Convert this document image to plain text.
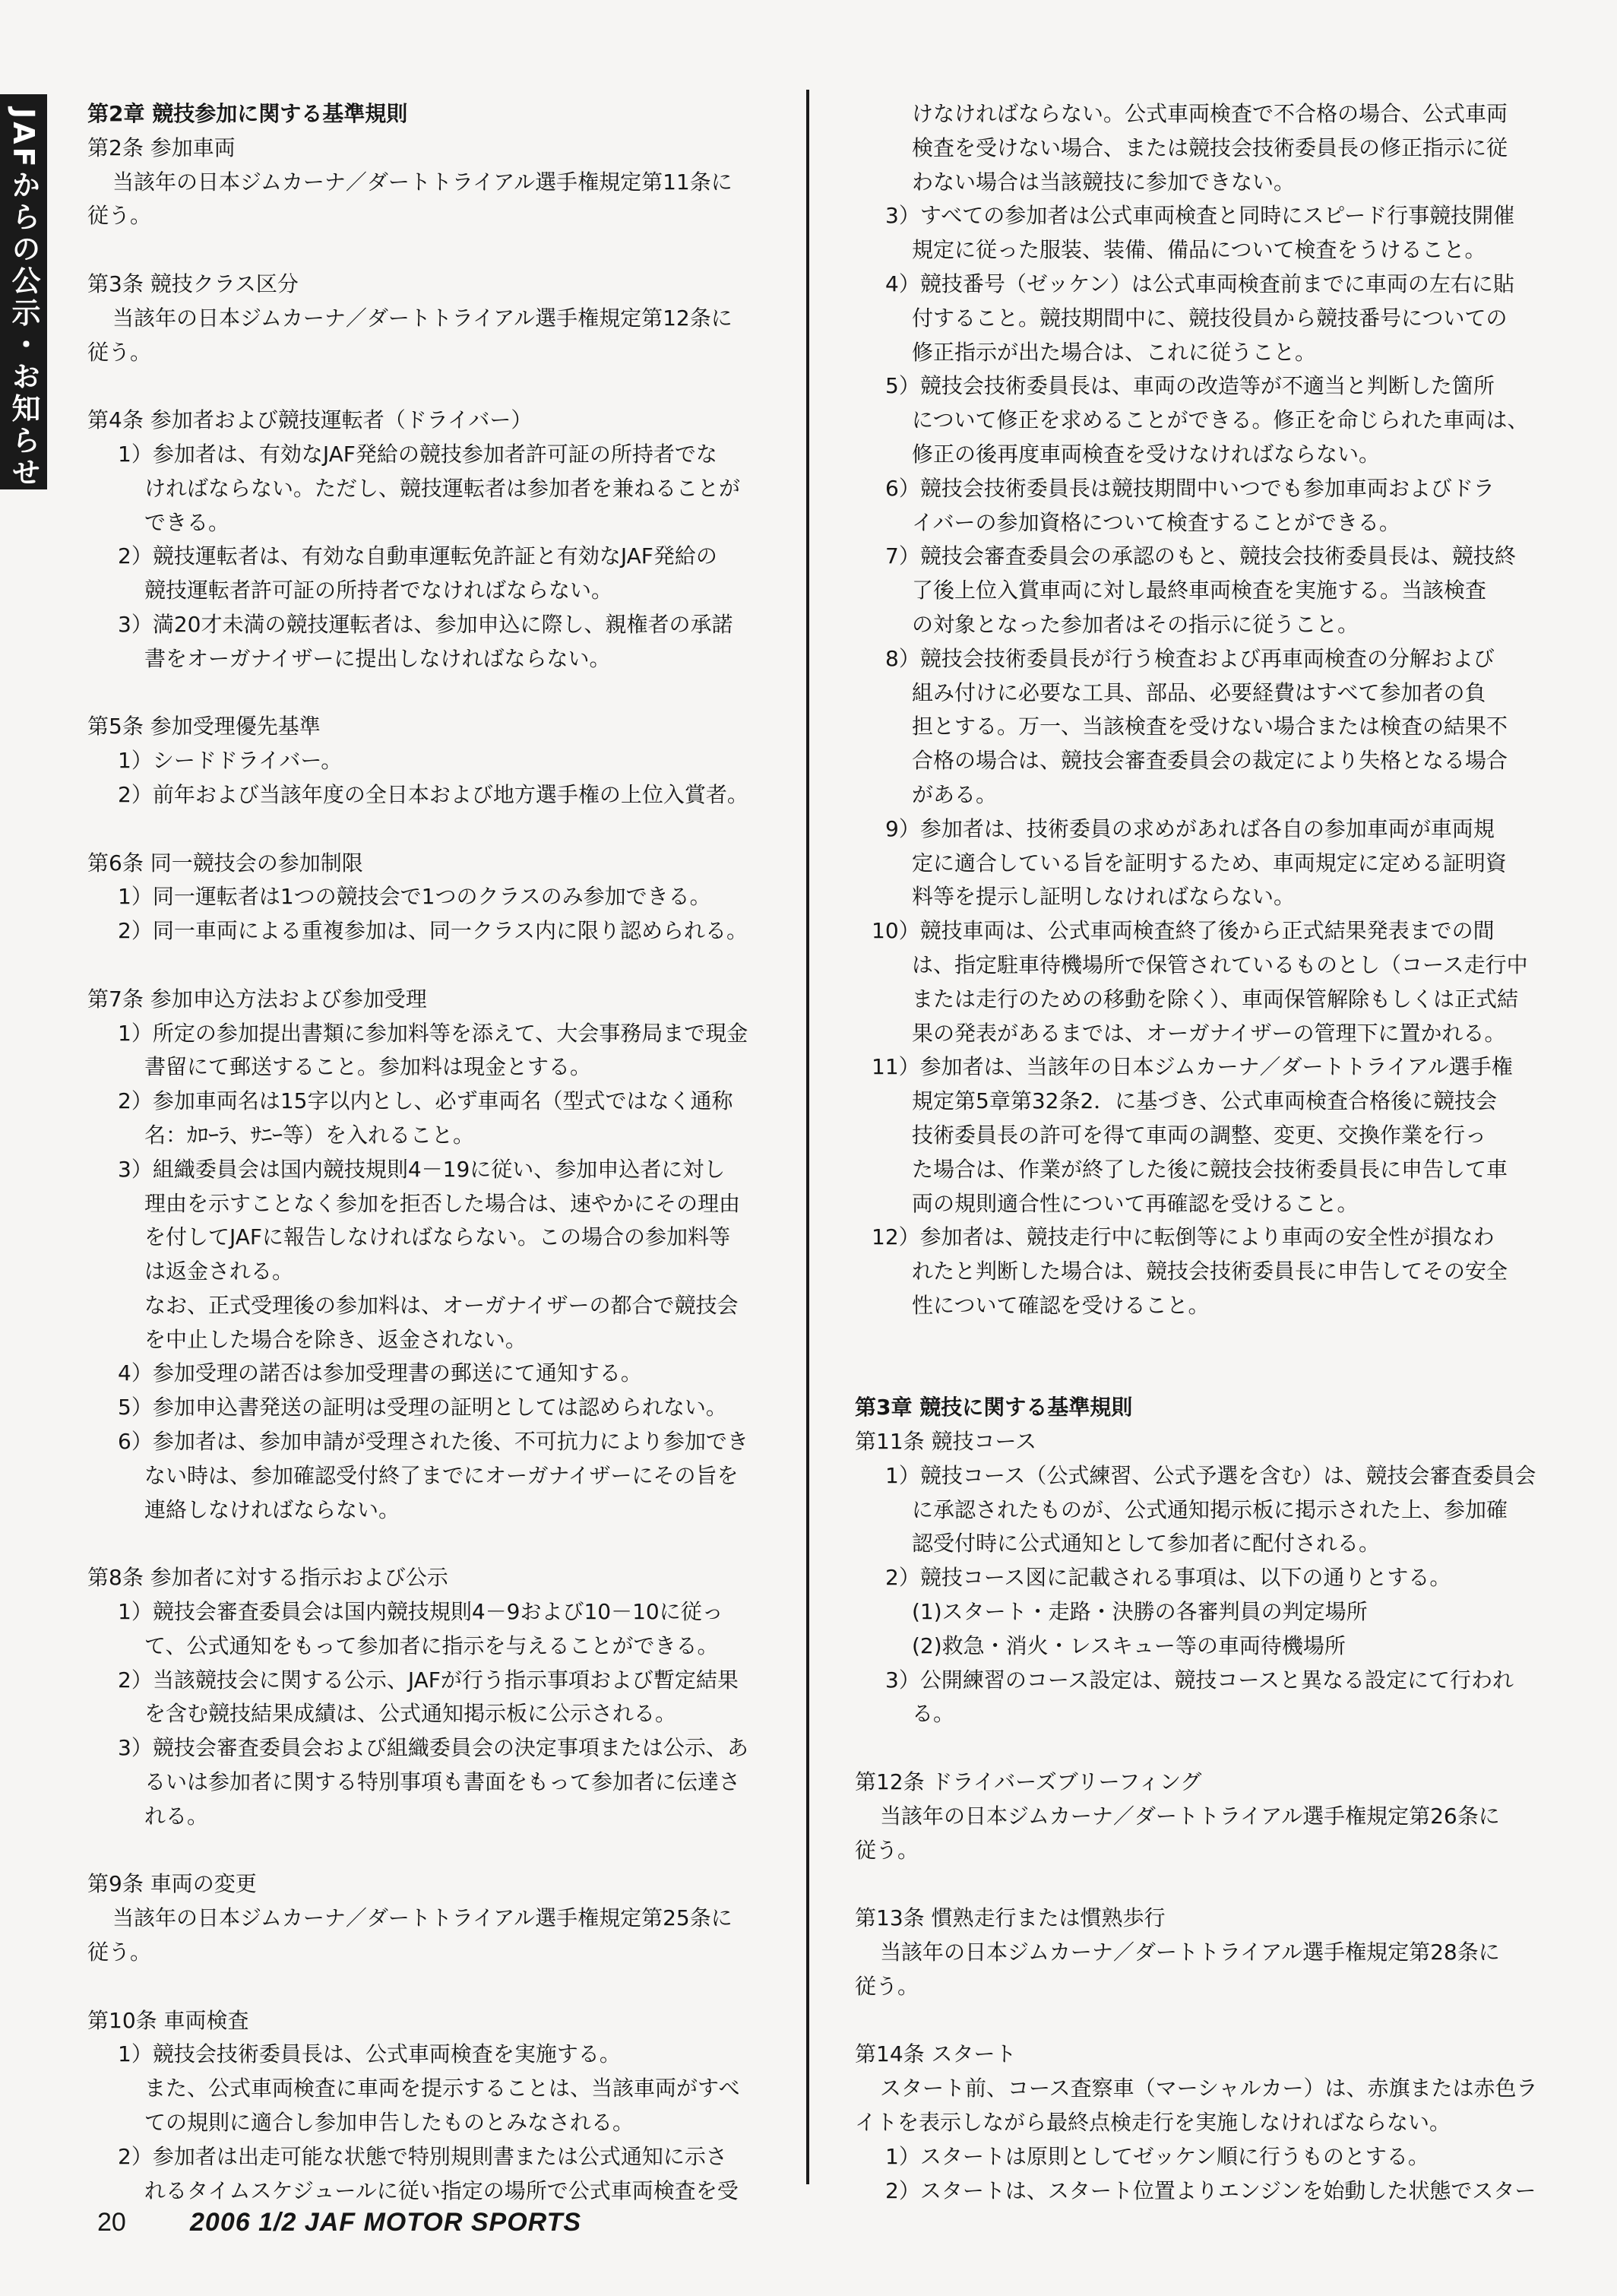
JAFからの公示・お知らせ	第2章 競技参加に関する基準規則
第2条 参加車両
当該年の日本ジムカーナ／ダートトライアル選手権規定第11条に
従う。
第3条 競技クラス区分
当該年の日本ジムカーナ／ダートトライアル選手権規定第12条に
従う。
第4条 参加者および競技運転者（ドライバー）
1）参加者は、有効なJAF発給の競技参加者許可証の所持者でな
ければならない。ただし、競技運転者は参加者を兼ねることが
できる。
2）競技運転者は、有効な自動車運転免許証と有効なJAF発給の
競技運転者許可証の所持者でなければならない。
3）満20才未満の競技運転者は、参加申込に際し、親権者の承諾
書をオーガナイザーに提出しなければならない。
第5条 参加受理優先基準
1）シードドライバー。
2）前年および当該年度の全日本および地方選手権の上位入賞者。
第6条 同一競技会の参加制限
1）同一運転者は1つの競技会で1つのクラスのみ参加できる。
2）同一車両による重複参加は、同一クラス内に限り認められる。
第7条 参加申込方法および参加受理
1）所定の参加提出書類に参加料等を添えて、大会事務局まで現金
書留にて郵送すること。参加料は現金とする。
2）参加車両名は15字以内とし、必ず車両名（型式ではなく通称
名：ｶﾛｰﾗ、ｻﾆｰ等）を入れること。
3）組織委員会は国内競技規則4－19に従い、参加申込者に対し
理由を示すことなく参加を拒否した場合は、速やかにその理由
を付してJAFに報告しなければならない。この場合の参加料等
は返金される。
なお、正式受理後の参加料は、オーガナイザーの都合で競技会
を中止した場合を除き、返金されない。
4）参加受理の諾否は参加受理書の郵送にて通知する。
5）参加申込書発送の証明は受理の証明としては認められない。
6）参加者は、参加申請が受理された後、不可抗力により参加でき
ない時は、参加確認受付終了までにオーガナイザーにその旨を
連絡しなければならない。
第8条 参加者に対する指示および公示
1）競技会審査委員会は国内競技規則4－9および10－10に従っ
て、公式通知をもって参加者に指示を与えることができる。
2）当該競技会に関する公示、JAFが行う指示事項および暫定結果
を含む競技結果成績は、公式通知掲示板に公示される。
3）競技会審査委員会および組織委員会の決定事項または公示、あ
るいは参加者に関する特別事項も書面をもって参加者に伝達さ
れる。
第9条 車両の変更
当該年の日本ジムカーナ／ダートトライアル選手権規定第25条に
従う。
第10条 車両検査
1）競技会技術委員長は、公式車両検査を実施する。
また、公式車両検査に車両を提示することは、当該車両がすべ
ての規則に適合し参加申告したものとみなされる。
2）参加者は出走可能な状態で特別規則書または公式通知に示さ
れるタイムスケジュールに従い指定の場所で公式車両検査を受
けなければならない。公式車両検査で不合格の場合、公式車両
検査を受けない場合、または競技会技術委員長の修正指示に従
わない場合は当該競技に参加できない。
3）すべての参加者は公式車両検査と同時にスピード行事競技開催
規定に従った服装、装備、備品について検査をうけること。
4）競技番号（ゼッケン）は公式車両検査前までに車両の左右に貼
付すること。競技期間中に、競技役員から競技番号についての
修正指示が出た場合は、これに従うこと。
5）競技会技術委員長は、車両の改造等が不適当と判断した箇所
について修正を求めることができる。修正を命じられた車両は、
修正の後再度車両検査を受けなければならない。
6）競技会技術委員長は競技期間中いつでも参加車両およびドラ
イバーの参加資格について検査することができる。
7）競技会審査委員会の承認のもと、競技会技術委員長は、競技終
了後上位入賞車両に対し最終車両検査を実施する。当該検査
の対象となった参加者はその指示に従うこと。
8）競技会技術委員長が行う検査および再車両検査の分解および
組み付けに必要な工具、部品、必要経費はすべて参加者の負
担とする。万一、当該検査を受けない場合または検査の結果不
合格の場合は、競技会審査委員会の裁定により失格となる場合
がある。
9）参加者は、技術委員の求めがあれば各自の参加車両が車両規
定に適合している旨を証明するため、車両規定に定める証明資
料等を提示し証明しなければならない。
10）競技車両は、公式車両検査終了後から正式結果発表までの間
は、指定駐車待機場所で保管されているものとし（コース走行中
または走行のための移動を除く）、車両保管解除もしくは正式結
果の発表があるまでは、オーガナイザーの管理下に置かれる。
11）参加者は、当該年の日本ジムカーナ／ダートトライアル選手権
規定第5章第32条2．に基づき、公式車両検査合格後に競技会
技術委員長の許可を得て車両の調整、変更、交換作業を行っ
た場合は、作業が終了した後に競技会技術委員長に申告して車
両の規則適合性について再確認を受けること。
12）参加者は、競技走行中に転倒等により車両の安全性が損なわ
れたと判断した場合は、競技会技術委員長に申告してその安全
性について確認を受けること。
第3章 競技に関する基準規則
第11条 競技コース
1）競技コース（公式練習、公式予選を含む）は、競技会審査委員会
に承認されたものが、公式通知掲示板に掲示された上、参加確
認受付時に公式通知として参加者に配付される。
2）競技コース図に記載される事項は、以下の通りとする。
(1)スタート・走路・決勝の各審判員の判定場所
(2)救急・消火・レスキュー等の車両待機場所
3）公開練習のコース設定は、競技コースと異なる設定にて行われ
る。
第12条 ドライバーズブリーフィング
当該年の日本ジムカーナ／ダートトライアル選手権規定第26条に
従う。
第13条 慣熟走行または慣熟歩行
当該年の日本ジムカーナ／ダートトライアル選手権規定第28条に
従う。
第14条 スタート
スタート前、コース査察車（マーシャルカー）は、赤旗または赤色ラ
イトを表示しながら最終点検走行を実施しなければならない。
1）スタートは原則としてゼッケン順に行うものとする。
2）スタートは、スタート位置よりエンジンを始動した状態でスター
20 2006 1/2 JAF MOTOR SPORTS
